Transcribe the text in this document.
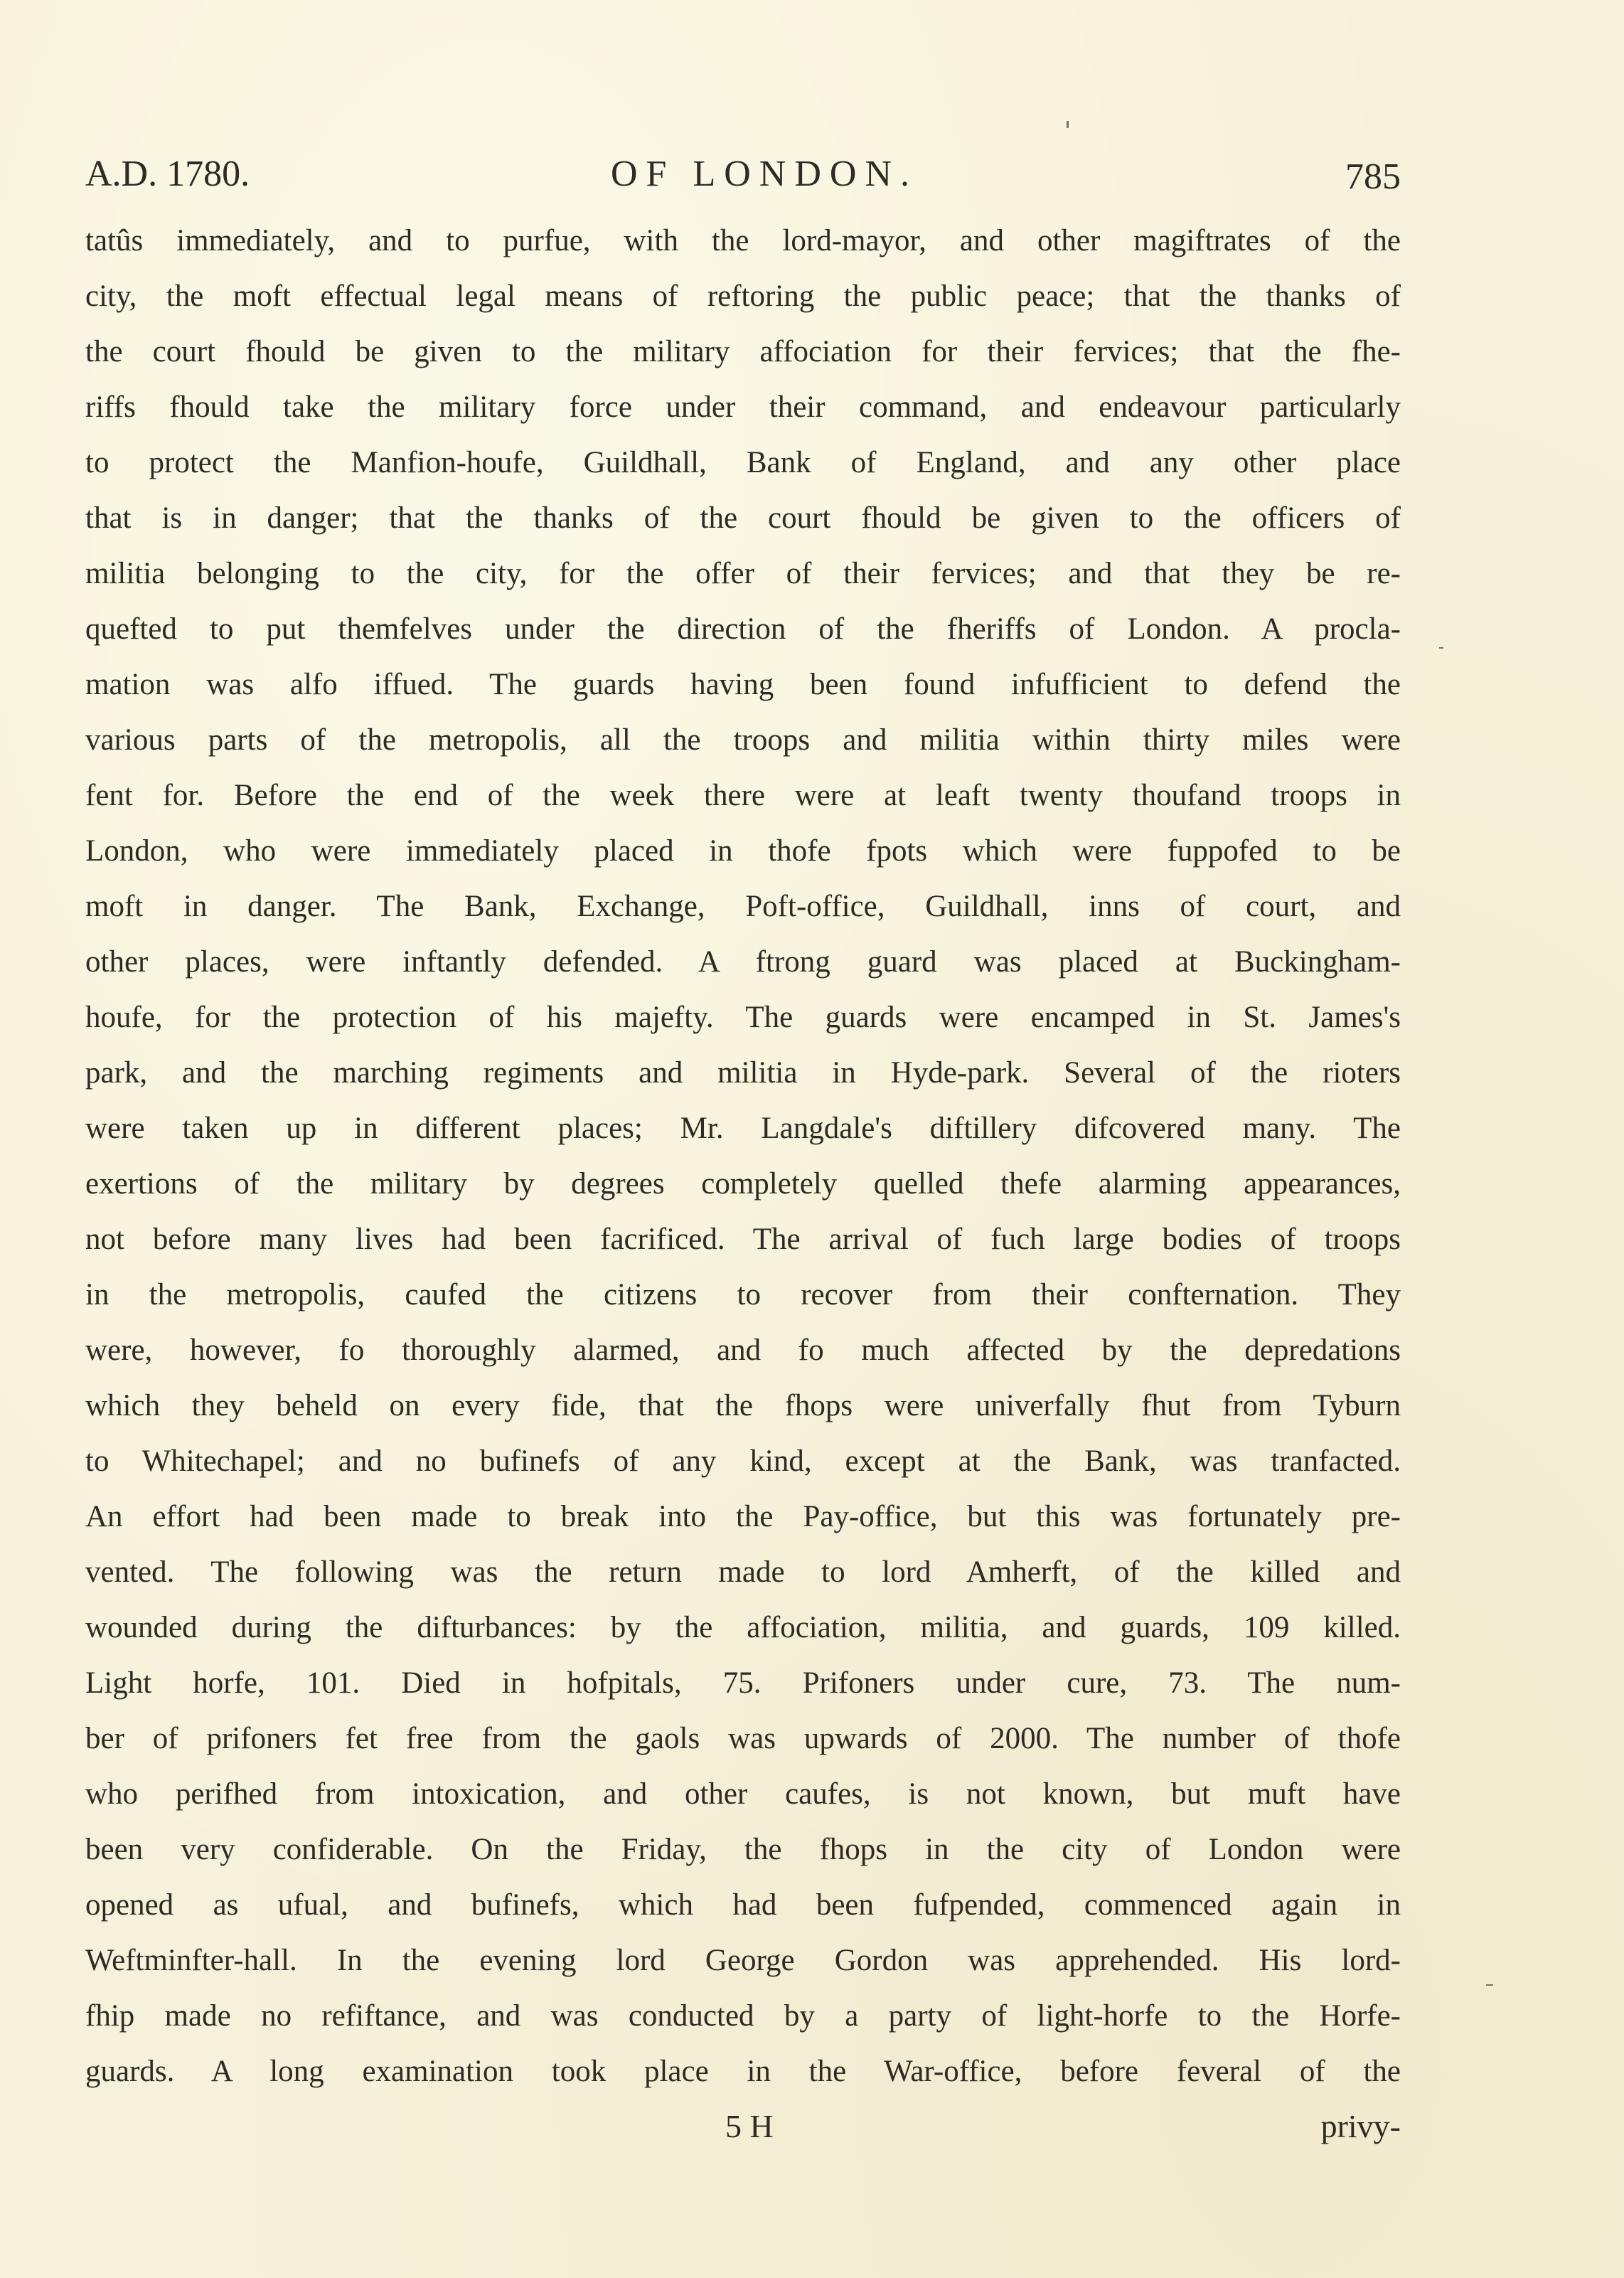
A.D. 1780.	OF LONDON.	785
tatûs immediately, and to purfue, with the lord-mayor, and other magiftrates of the
city, the moft effectual legal means of reftoring the public peace; that the thanks of
the court fhould be given to the military affociation for their fervices; that the fhe-
riffs fhould take the military force under their command, and endeavour particularly
to protect the Manfion-houfe, Guildhall, Bank of England, and any other place
that is in danger; that the thanks of the court fhould be given to the officers of
militia belonging to the city, for the offer of their fervices; and that they be re-
quefted to put themfelves under the direction of the fheriffs of London. A procla-
mation was alfo iffued. The guards having been found infufficient to defend the
various parts of the metropolis, all the troops and militia within thirty miles were
fent for. Before the end of the week there were at leaft twenty thoufand troops in
London, who were immediately placed in thofe fpots which were fuppofed to be
moft in danger. The Bank, Exchange, Poft-office, Guildhall, inns of court, and
other places, were inftantly defended. A ftrong guard was placed at Buckingham-
houfe, for the protection of his majefty. The guards were encamped in St. James's
park, and the marching regiments and militia in Hyde-park. Several of the rioters
were taken up in different places; Mr. Langdale's diftillery difcovered many. The
exertions of the military by degrees completely quelled thefe alarming appearances,
not before many lives had been facrificed. The arrival of fuch large bodies of troops
in the metropolis, caufed the citizens to recover from their confternation. They
were, however, fo thoroughly alarmed, and fo much affected by the depredations
which they beheld on every fide, that the fhops were univerfally fhut from Tyburn
to Whitechapel; and no bufinefs of any kind, except at the Bank, was tranfacted.
An effort had been made to break into the Pay-office, but this was fortunately pre-
vented. The following was the return made to lord Amherft, of the killed and
wounded during the difturbances: by the affociation, militia, and guards, 109 killed.
Light horfe, 101. Died in hofpitals, 75. Prifoners under cure, 73. The num-
ber of prifoners fet free from the gaols was upwards of 2000. The number of thofe
who perifhed from intoxication, and other caufes, is not known, but muft have
been very confiderable. On the Friday, the fhops in the city of London were
opened as ufual, and bufinefs, which had been fufpended, commenced again in
Weftminfter-hall. In the evening lord George Gordon was apprehended. His lord-
fhip made no refiftance, and was conducted by a party of light-horfe to the Horfe-
guards. A long examination took place in the War-office, before feveral of the
5 H	privy-
